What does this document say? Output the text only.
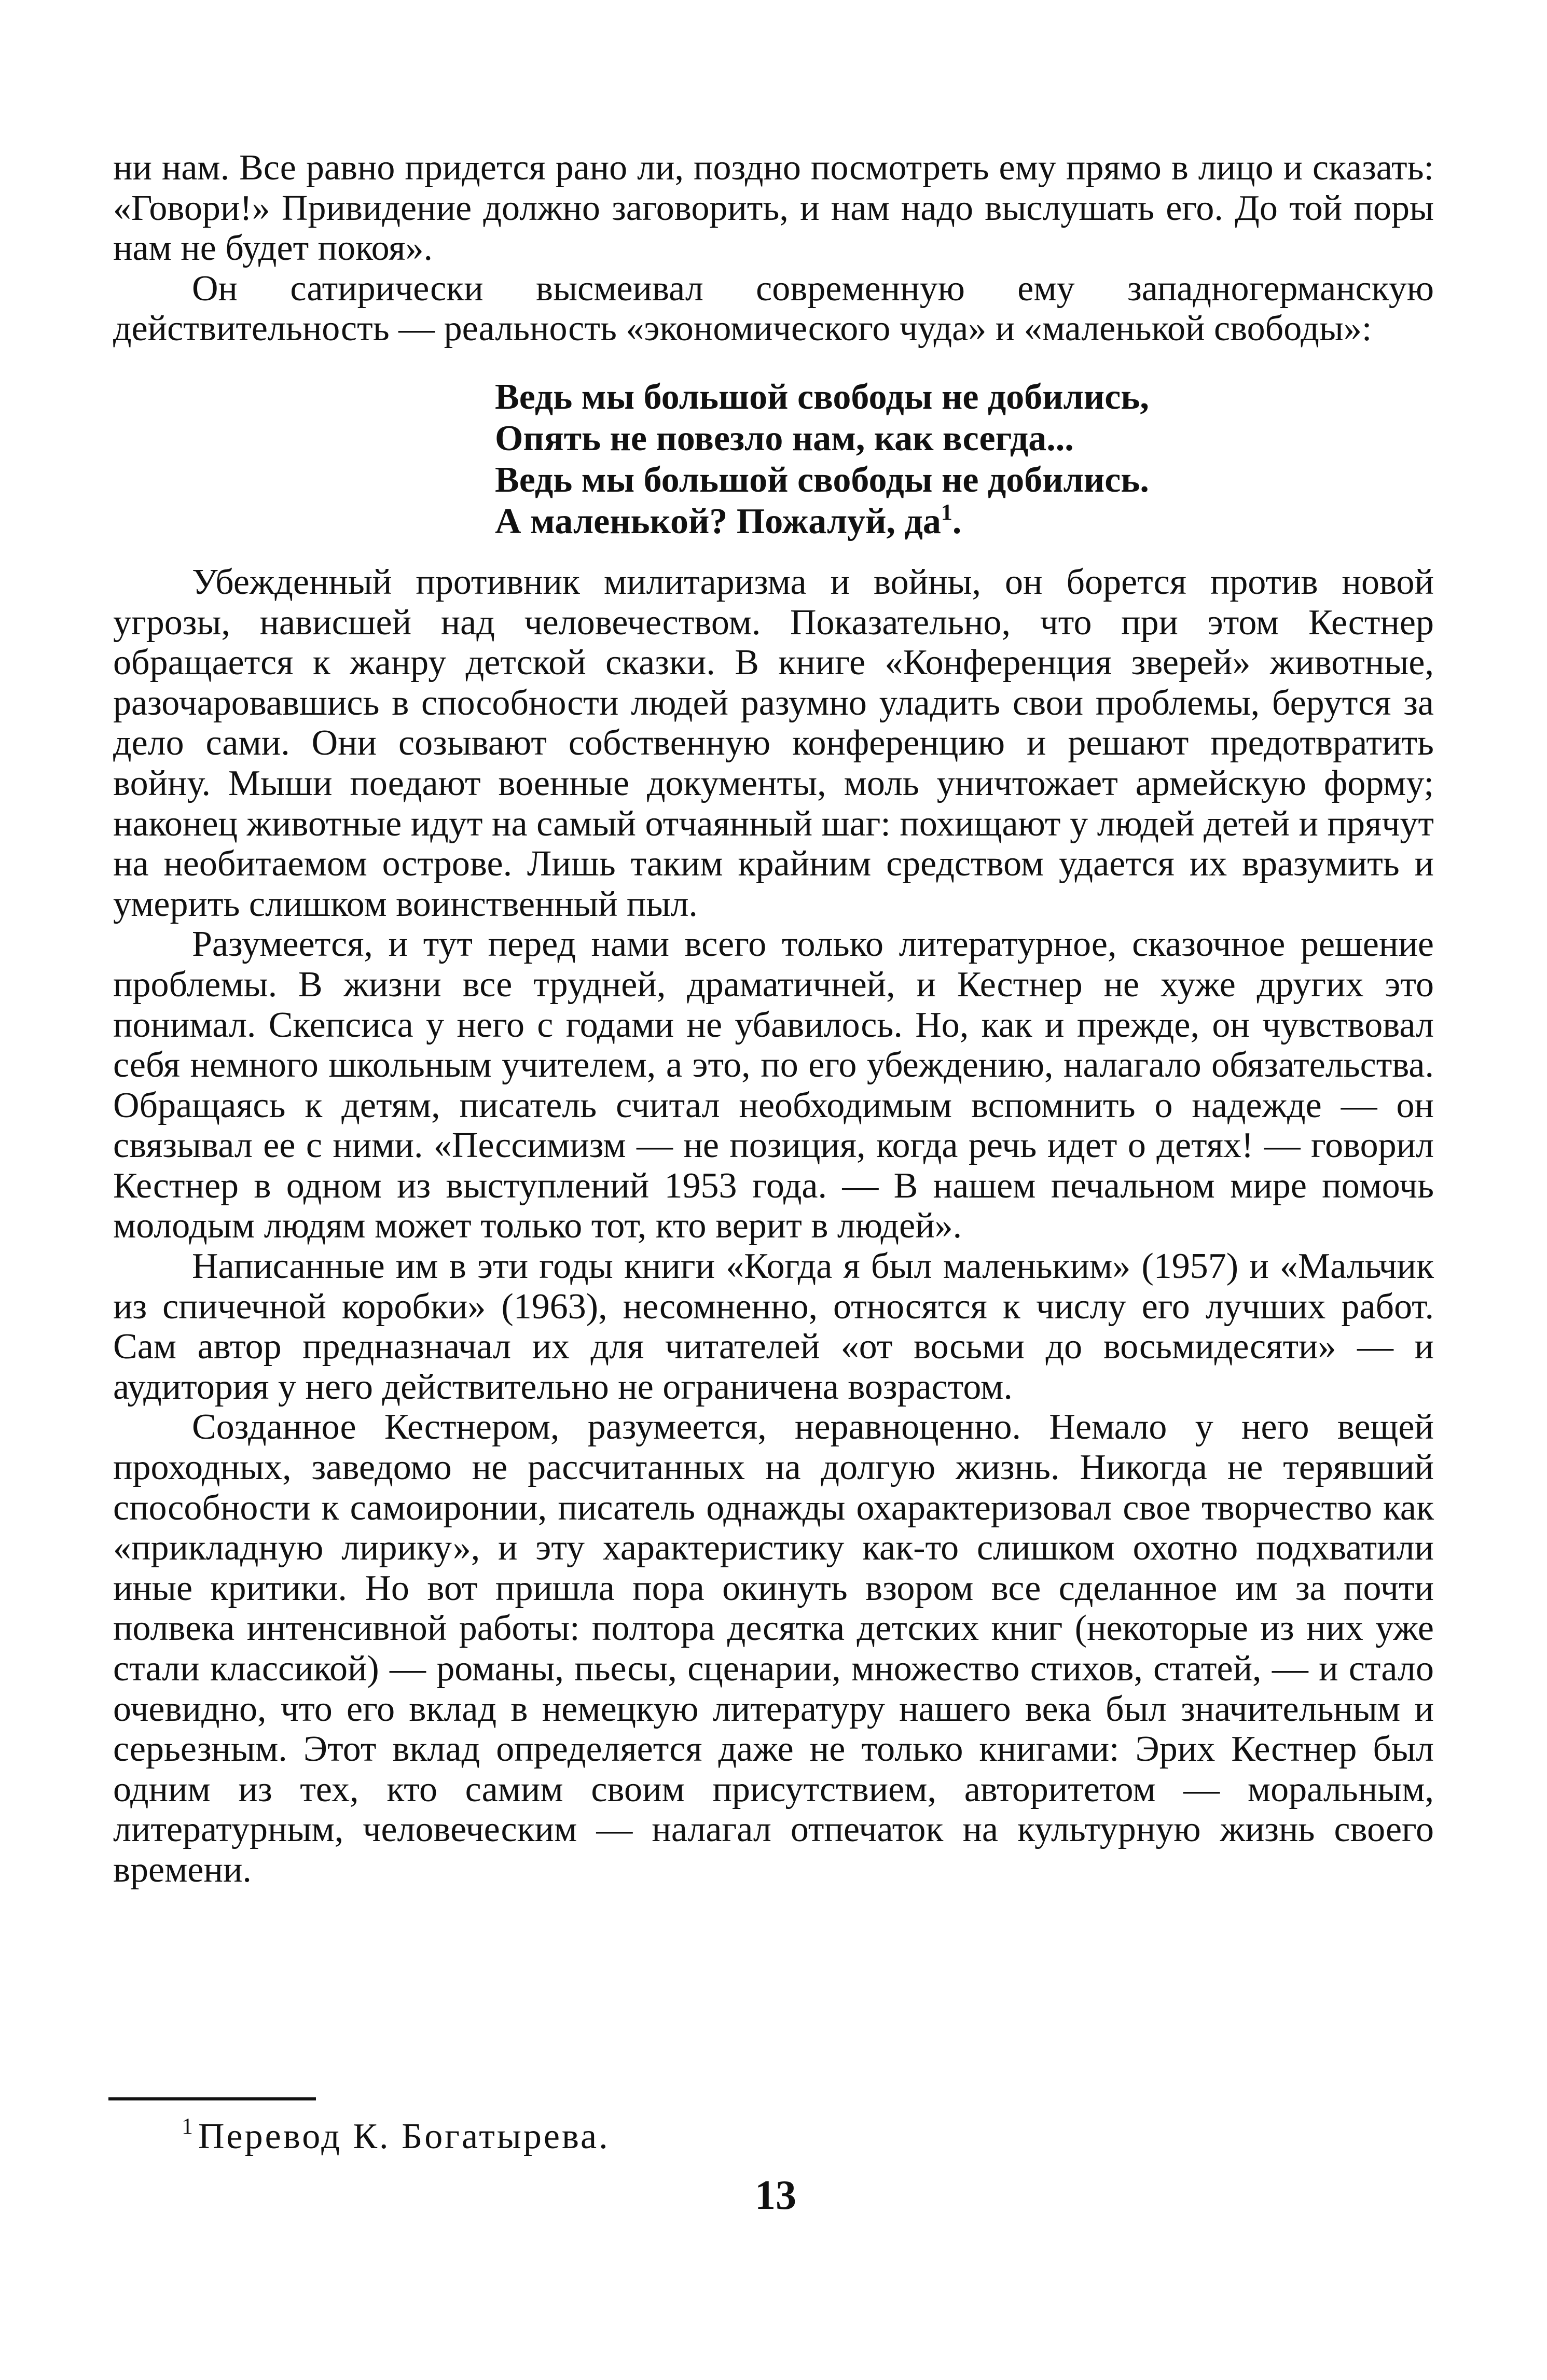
ни нам. Все равно придется рано ли, поздно посмотреть ему прямо в лицо и сказать: «Говори!» Привидение должно заговорить, и нам надо выслушать его. До той поры нам не будет покоя».

Он сатирически высмеивал современную ему западногерманскую действительность — реальность «экономического чуда» и «маленькой свободы»:

Ведь мы большой свободы не добились,
Опять не повезло нам, как всегда...
Ведь мы большой свободы не добились.
А маленькой? Пожалуй, $да^1$.

Убежденный противник милитаризма и войны, он борется против новой угрозы, нависшей над человечеством. Показательно, что при этом Кестнер обращается к жанру детской сказки. В книге «Конференция зверей» животные, разочаровавшись в способности людей разумно уладить свои проблемы, берутся за дело сами. Они созывают собственную конференцию и решают предотвратить войну. Мыши поедают военные документы, моль уничтожает армейскую форму; наконец животные идут на самый отчаянный шаг: похищают у людей детей и прячут на необитаемом острове. Лишь таким крайним средством удается их вразумить и умерить слишком воинственный пыл.

Разумеется, и тут перед нами всего только литературное, сказочное решение проблемы. В жизни все трудней, драматичней, и Кестнер не хуже других это понимал. Скепсиса у него с годами не убавилось. Но, как и прежде, он чувствовал себя немного школьным учителем, а это, по его убеждению, налагало обязательства. Обращаясь к детям, писатель считал необходимым вспомнить о надежде — он связывал ее с ними. «Пессимизм — не позиция, когда речь идет о детях! — говорил Кестнер в одном из выступлений 1953 года. — В нашем печальном мире помочь молодым людям может только тот, кто верит в людей».

Написанные им в эти годы книги «Когда я был маленьким» (1957) и «Мальчик из спичечной коробки» (1963), несомненно, относятся к числу его лучших работ. Сам автор предназначал их для читателей «от восьми до восьмидесяти» — и аудитория у него действительно не ограничена возрастом.

Созданное Кестнером, разумеется, неравноценно. Немало у него вещей проходных, заведомо не рассчитанных на долгую жизнь. Никогда не терявший способности к самоиронии, писатель однажды охарактеризовал свое творчество как «прикладную лирику», и эту характеристику как-то слишком охотно подхватили иные критики. Но вот пришла пора окинуть взором все сделанное им за почти полвека интенсивной работы: полтора десятка детских книг (некоторые из них уже стали классикой) — романы, пьесы, сценарии, множество стихов, статей, — и стало очевидно, что его вклад в немецкую литературу нашего века был значительным и серьезным. Этот вклад определяется даже не только книгами: Эрих Кестнер был одним из тех, кто самим своим присутствием, авторитетом — моральным, литературным, человеческим — налагал отпечаток на культурную жизнь своего времени.

$^1$ Перевод К. Богатырева.
13
